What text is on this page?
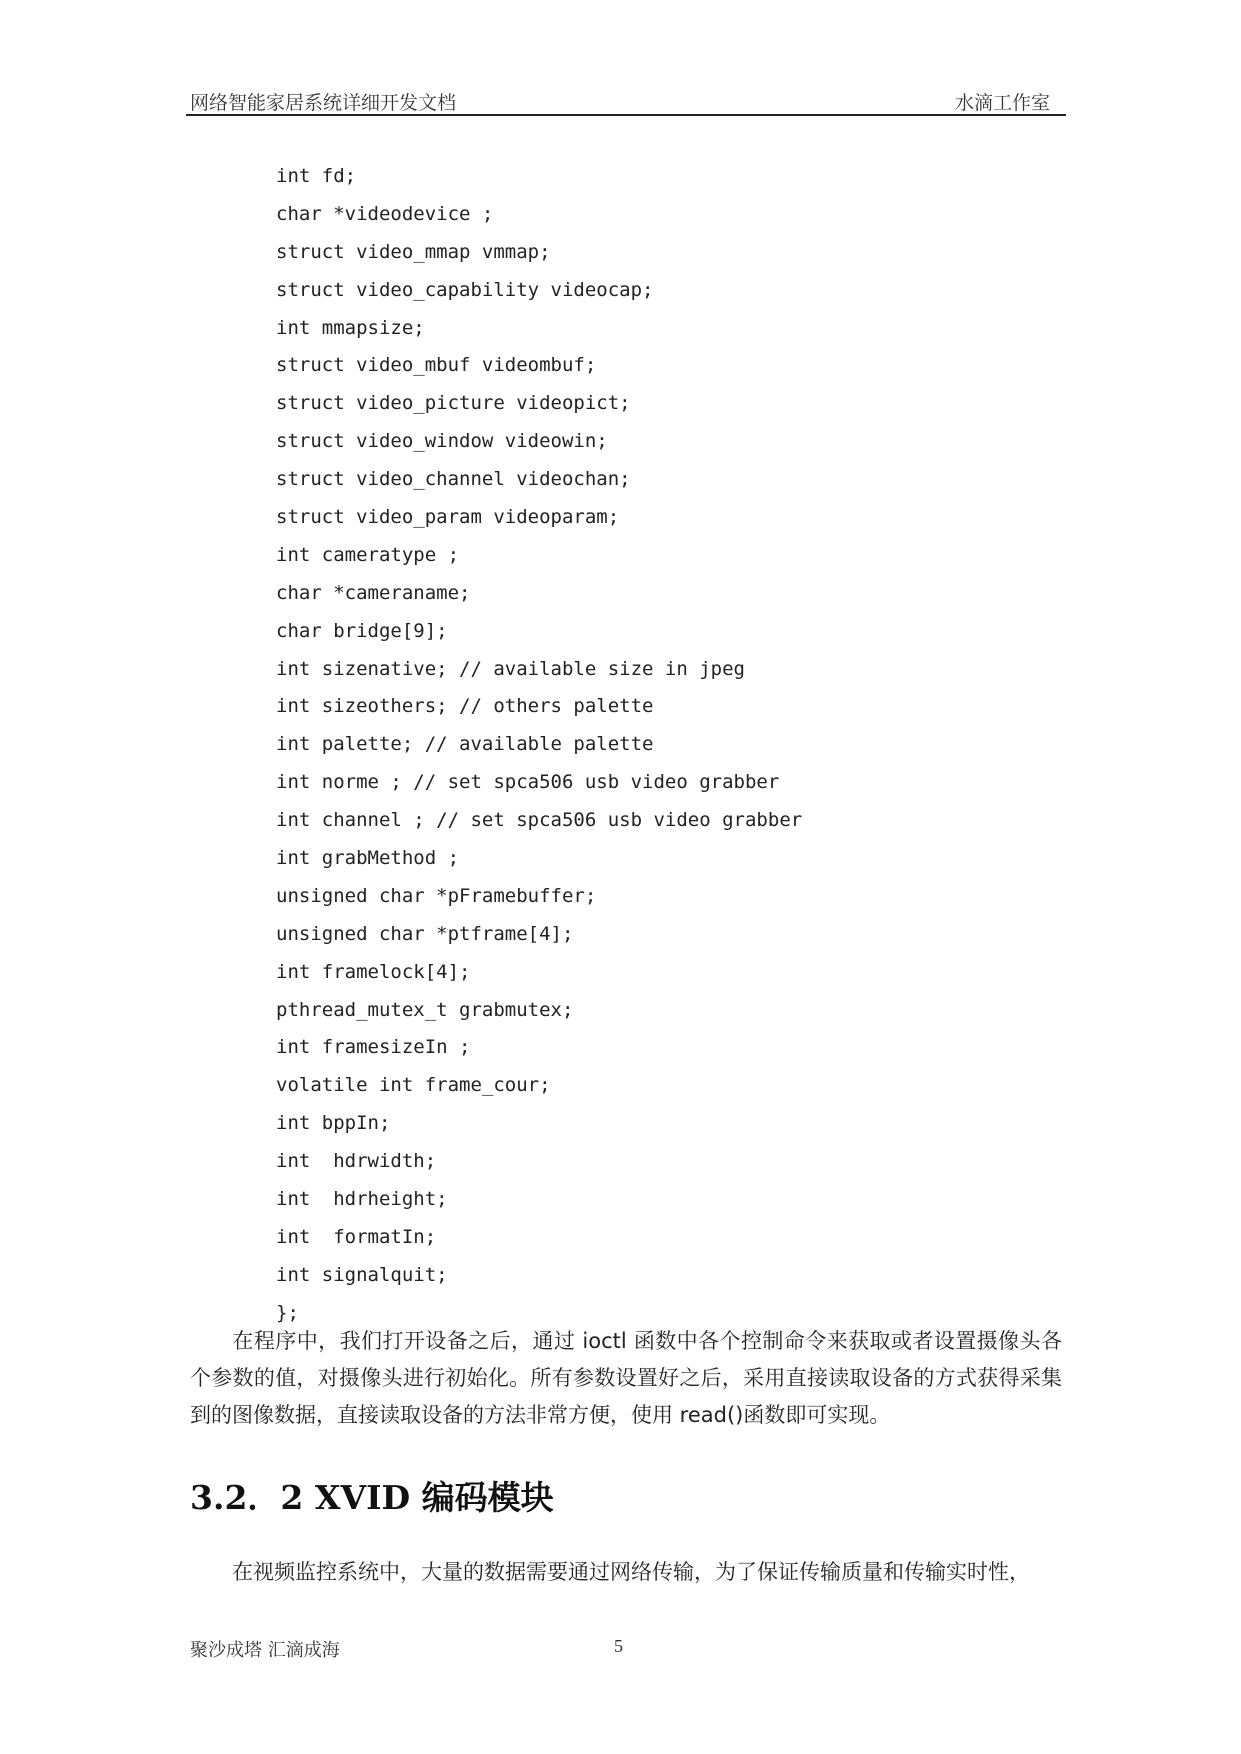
网络智能家居系统详细开发文档	水滴工作室
int fd;
char *videodevice ;
struct video_mmap vmmap;
struct video_capability videocap;
int mmapsize;
struct video_mbuf videombuf;
struct video_picture videopict;
struct video_window videowin;
struct video_channel videochan;
struct video_param videoparam;
int cameratype ;
char *cameraname;
char bridge[9];
int sizenative; // available size in jpeg
int sizeothers; // others palette
int palette; // available palette
int norme ; // set spca506 usb video grabber
int channel ; // set spca506 usb video grabber
int grabMethod ;
unsigned char *pFramebuffer;
unsigned char *ptframe[4];
int framelock[4];
pthread_mutex_t grabmutex;
int framesizeIn ;
volatile int frame_cour;
int bppIn;
int  hdrwidth;
int  hdrheight;
int  formatIn;
int signalquit;
};
在程序中，我们打开设备之后，通过 ioctl 函数中各个控制命令来获取或者设置摄像头各个参数的值，对摄像头进行初始化。所有参数设置好之后，采用直接读取设备的方式获得采集到的图像数据，直接读取设备的方法非常方便，使用 read()函数即可实现。
3.2．2 XVID 编码模块
在视频监控系统中，大量的数据需要通过网络传输，为了保证传输质量和传输实时性，
聚沙成塔 汇滴成海	5
